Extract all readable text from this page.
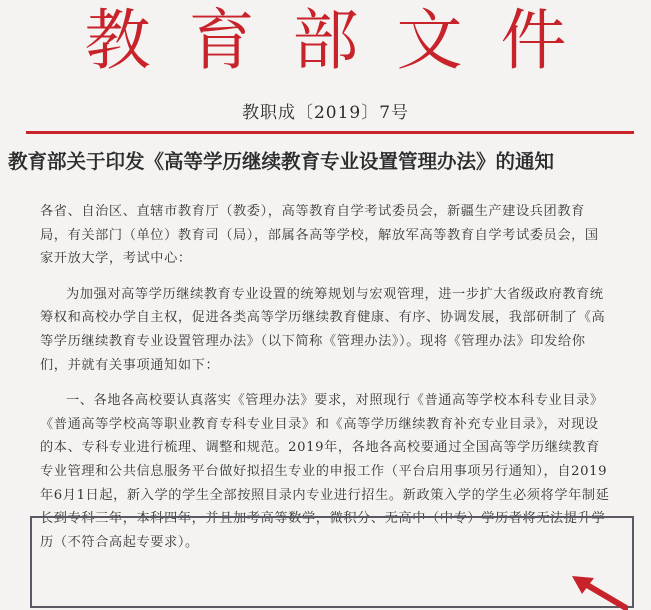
教育部文件
教职成〔2019〕7号
教育部关于印发《高等学历继续教育专业设置管理办法》的通知

各省、自治区、直辖市教育厅（教委），高等教育自学考试委员会，新疆生产建设兵团教育局，有关部门（单位）教育司（局），部属各高等学校，解放军高等教育自学考试委员会，国家开放大学，考试中心：

为加强对高等学历继续教育专业设置的统筹规划与宏观管理，进一步扩大省级政府教育统筹权和高校办学自主权，促进各类高等学历继续教育健康、有序、协调发展，我部研制了《高等学历继续教育专业设置管理办法》（以下简称《管理办法》）。现将《管理办法》印发给你们，并就有关事项通知如下：

一、各地各高校要认真落实《管理办法》要求，对照现行《普通高等学校本科专业目录》《普通高等学校高等职业教育专科专业目录》和《高等学历继续教育补充专业目录》，对现设的本、专科专业进行梳理、调整和规范。2019年，各地各高校要通过全国高等学历继续教育专业管理和公共信息服务平台做好拟招生专业的申报工作（平台启用事项另行通知），自2019年6月1日起，新入学的学生全部按照目录内专业进行招生。新政策入学的学生必须将学年制延长到专科三年，本科四年，并且加考高等数学，微积分、无高中（中专）学历者将无法提升学历（不符合高起专要求）。
